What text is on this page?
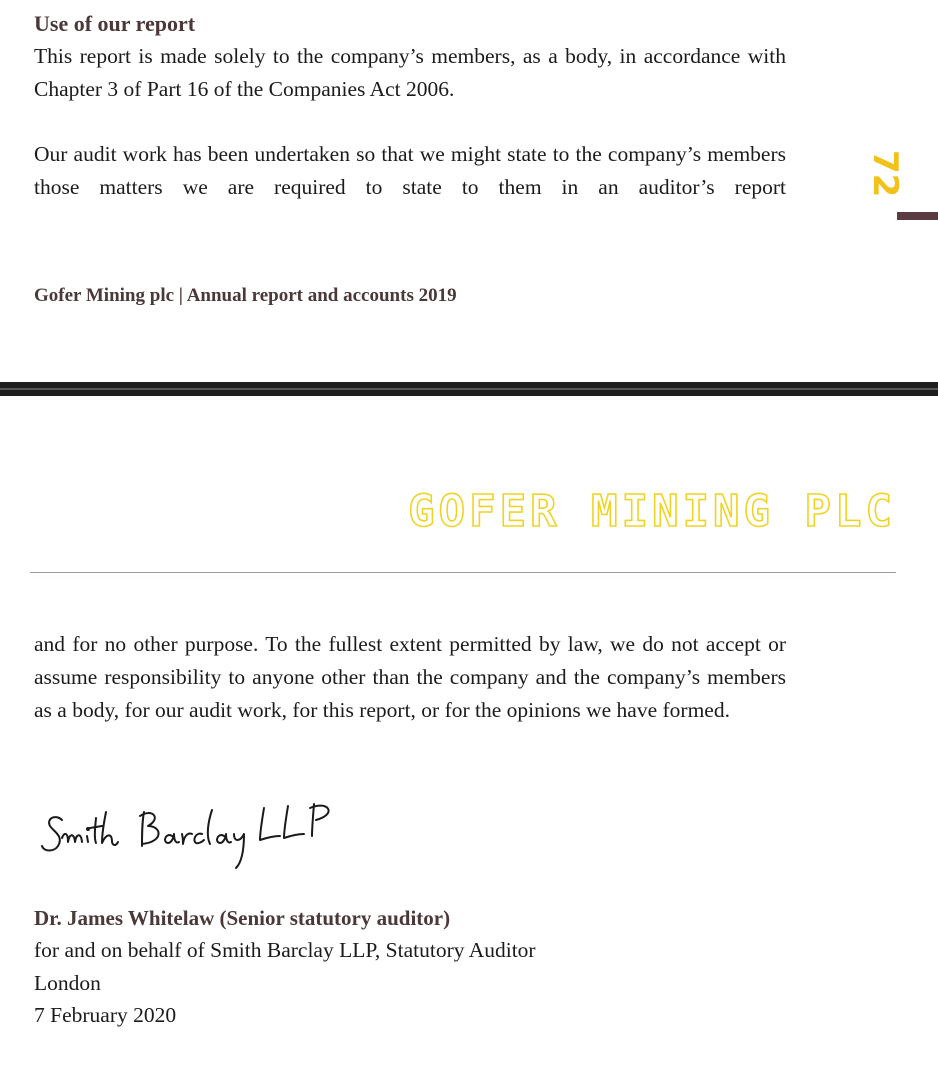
Use of our report

This report is made solely to the company’s members, as a body, in accordance with Chapter 3 of Part 16 of the Companies Act 2006.

Our audit work has been undertaken so that we might state to the company’s members those matters we are required to state to them in an auditor’s report 72

Gofer Mining plc | Annual report and accounts 2019

GOFER MINING PLC

and for no other purpose. To the fullest extent permitted by law, we do not accept or assume responsibility to anyone other than the company and the company’s members as a body, for our audit work, for this report, or for the opinions we have formed.

Dr. James Whitelaw (Senior statutory auditor)

for and on behalf of Smith Barclay LLP, Statutory Auditor

London

7 February 2020
